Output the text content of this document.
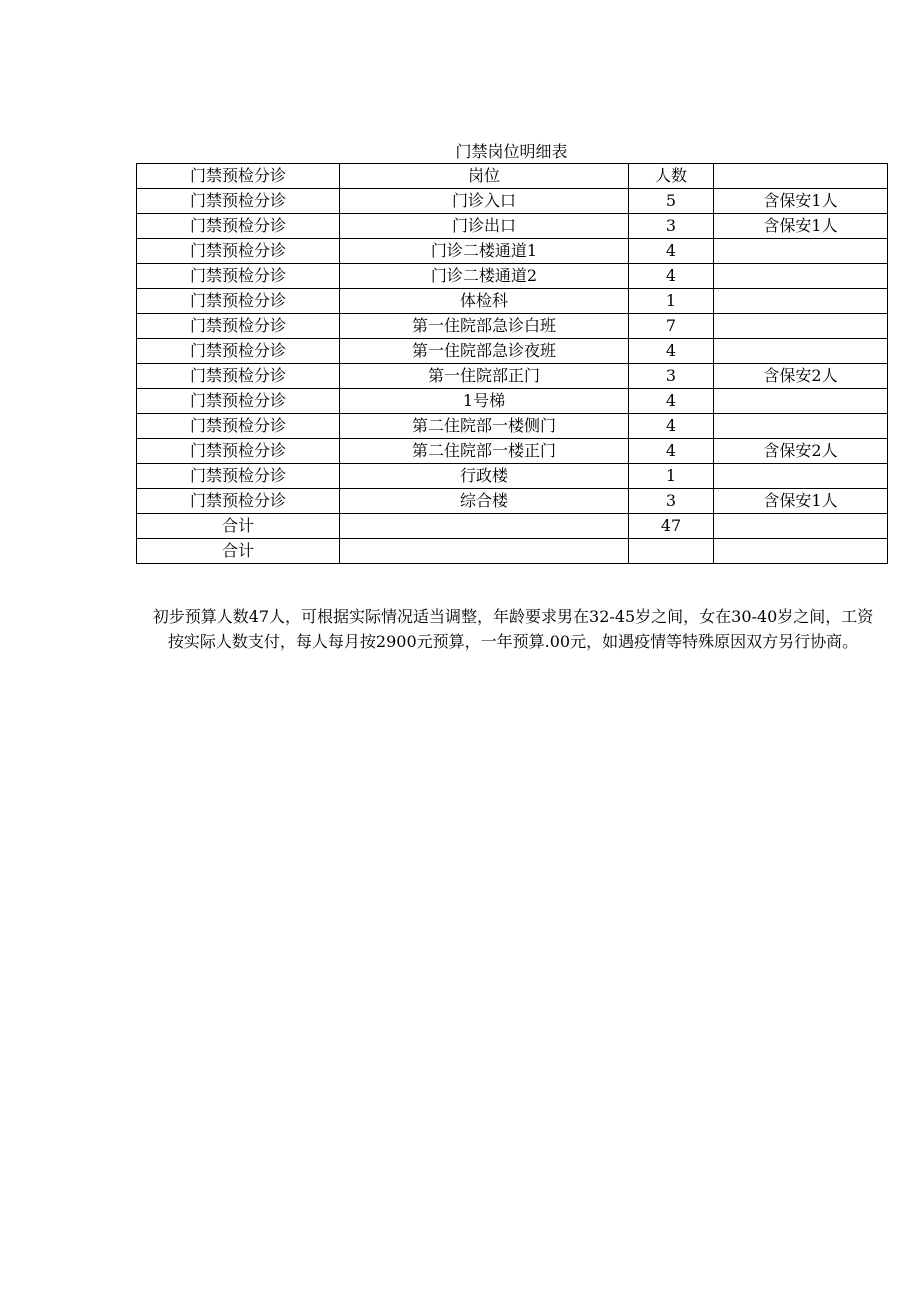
门禁岗位明细表
门禁预检分诊	岗位	人数	
门禁预检分诊	门诊入口	5	含保安1人
门禁预检分诊	门诊出口	3	含保安1人
门禁预检分诊	门诊二楼通道1	4	
门禁预检分诊	门诊二楼通道2	4	
门禁预检分诊	体检科	1	
门禁预检分诊	第一住院部急诊白班	7	
门禁预检分诊	第一住院部急诊夜班	4	
门禁预检分诊	第一住院部正门	3	含保安2人
门禁预检分诊	1号梯	4	
门禁预检分诊	第二住院部一楼侧门	4	
门禁预检分诊	第二住院部一楼正门	4	含保安2人
门禁预检分诊	行政楼	1	
门禁预检分诊	综合楼	3	含保安1人
合计		47	
合计			
初步预算人数47人，可根据实际情况适当调整，年龄要求男在32-45岁之间，女在30-40岁之间，工资按实际人数支付，每人每月按2900元预算，一年预算.00元，如遇疫情等特殊原因双方另行协商。
